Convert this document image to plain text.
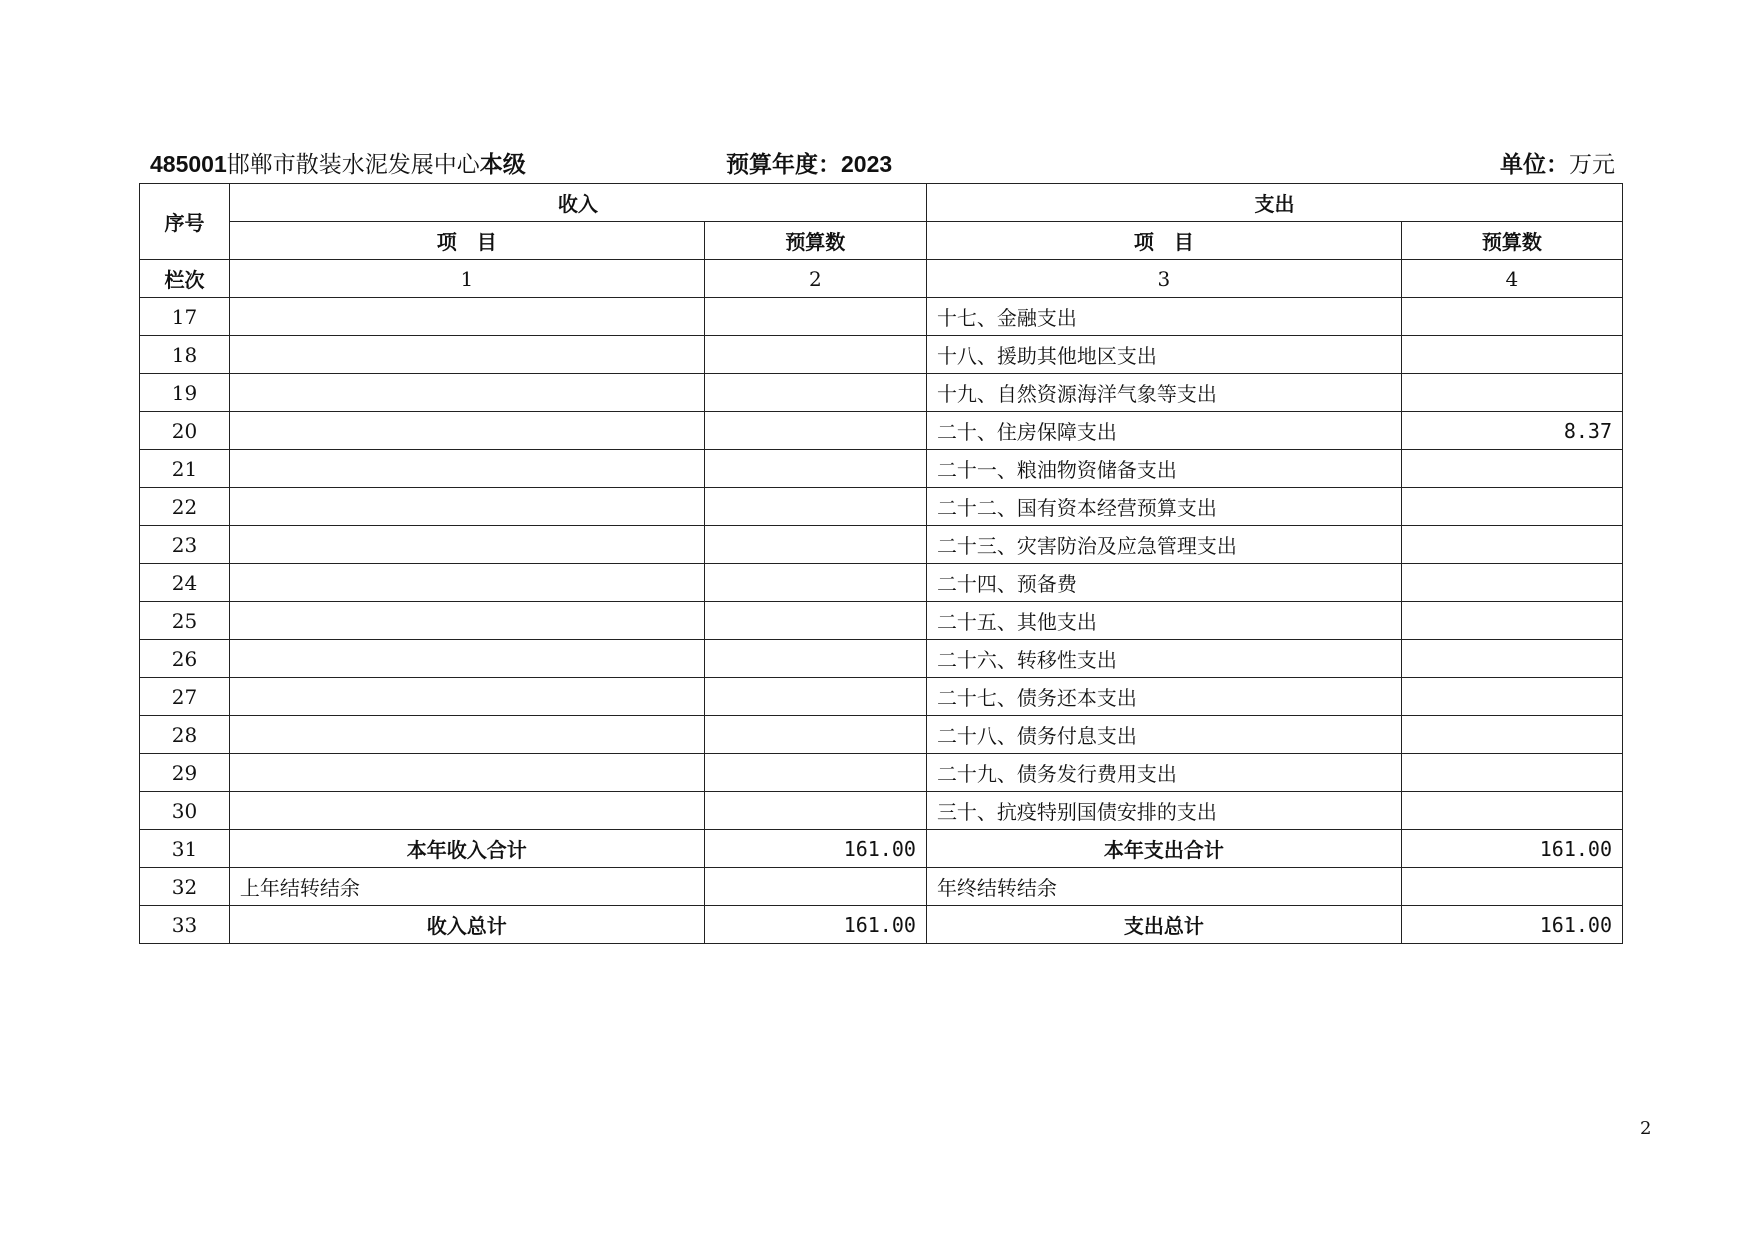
485001邯郸市散装水泥发展中心本级	预算年度：2023	单位：万元
序号	收入		支出	
	项　目	预算数	项　目	预算数
栏次	1	2	3	4
17			十七、金融支出	
18			十八、援助其他地区支出	
19			十九、自然资源海洋气象等支出	
20			二十、住房保障支出	8.37
21			二十一、粮油物资储备支出	
22			二十二、国有资本经营预算支出	
23			二十三、灾害防治及应急管理支出	
24			二十四、预备费	
25			二十五、其他支出	
26			二十六、转移性支出	
27			二十七、债务还本支出	
28			二十八、债务付息支出	
29			二十九、债务发行费用支出	
30			三十、抗疫特别国债安排的支出	
31	本年收入合计	161.00	本年支出合计	161.00
32	上年结转结余		年终结转结余	
33	收入总计	161.00	支出总计	161.00
2
